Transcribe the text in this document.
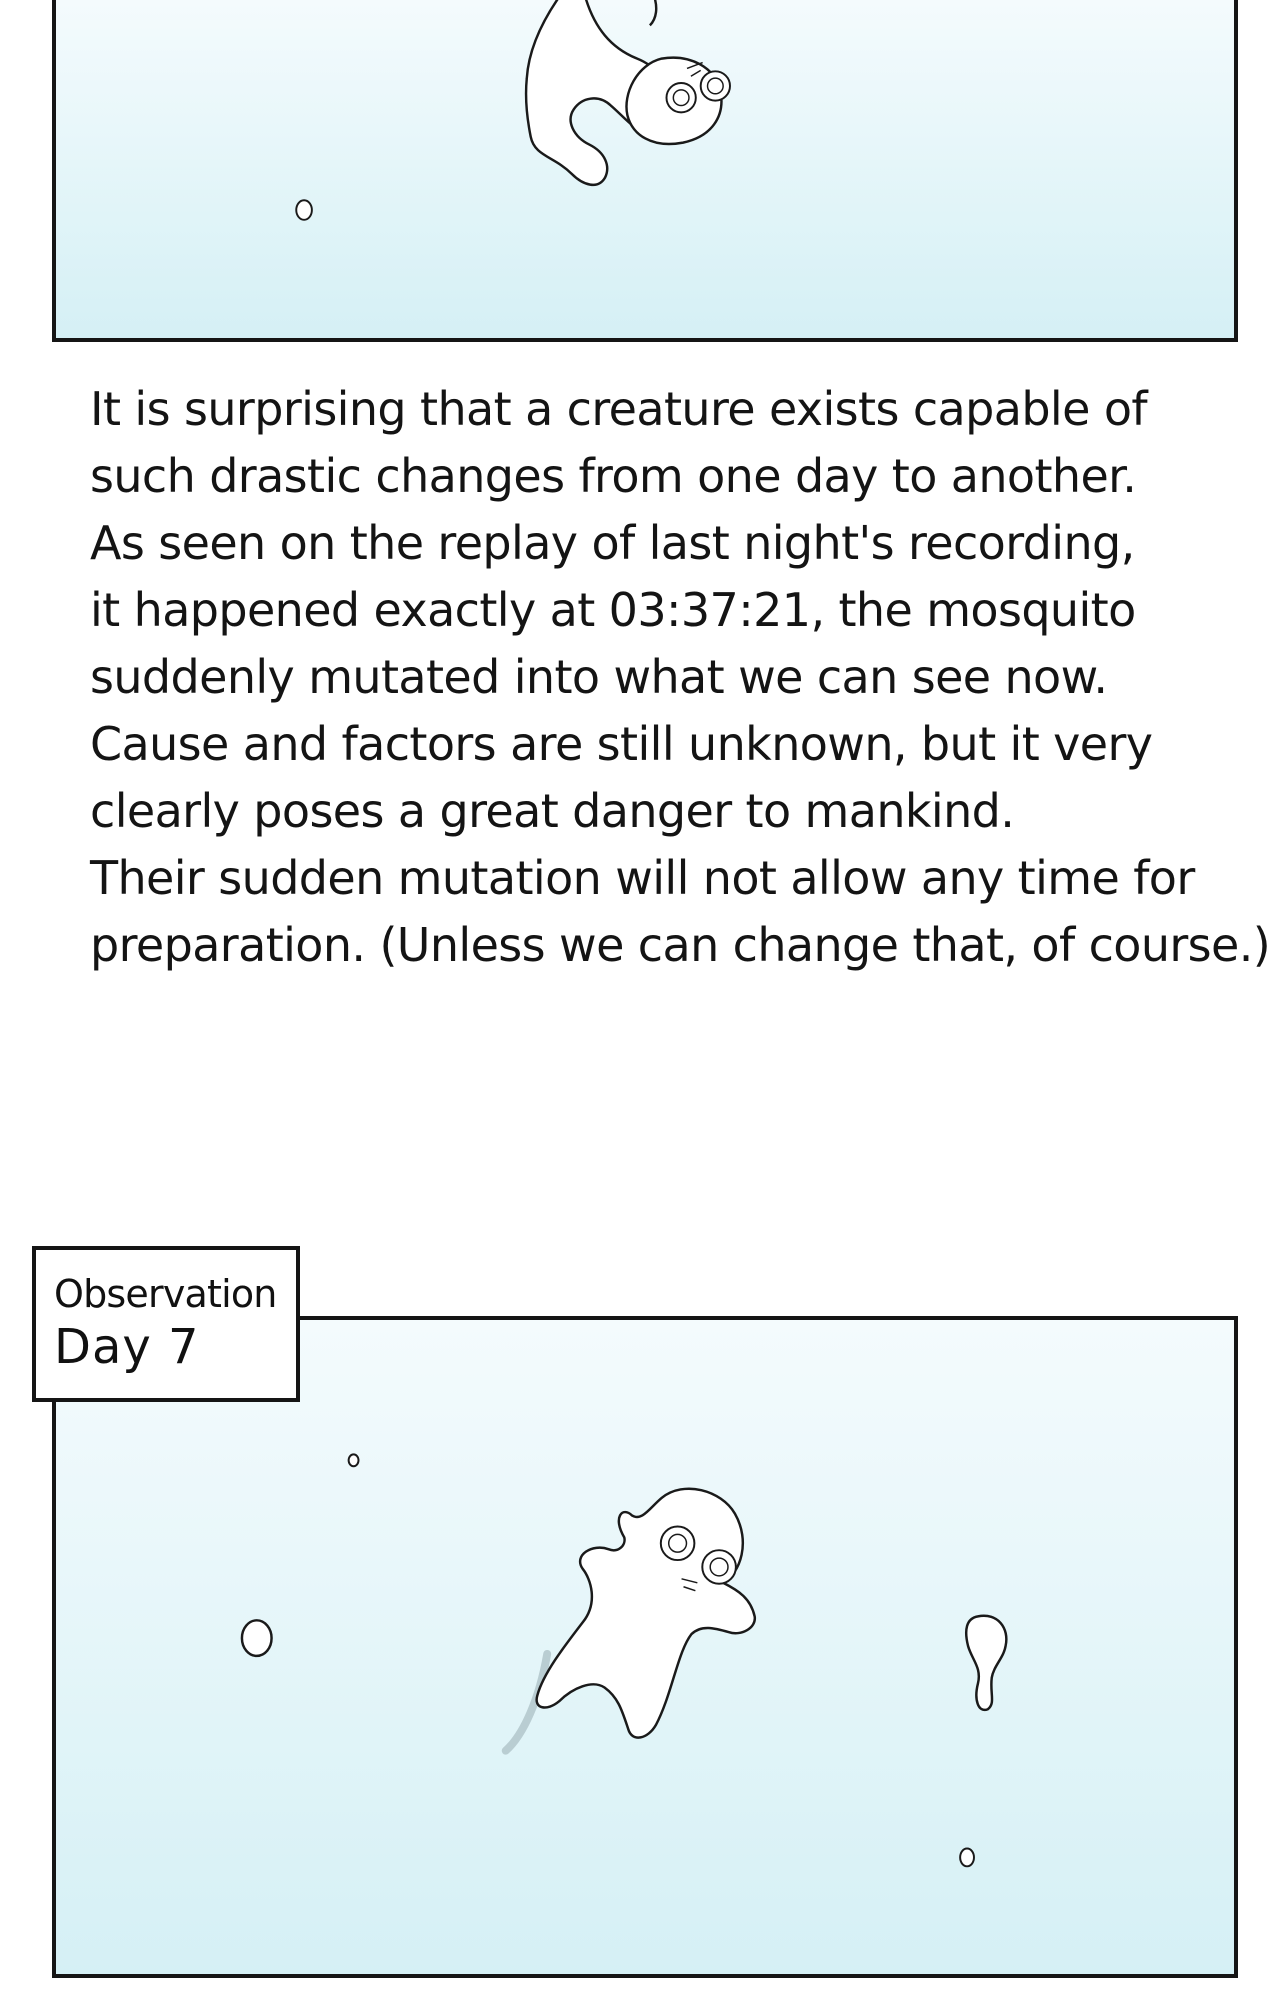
It is surprising that a creature exists capable of
such drastic changes from one day to another.
As seen on the replay of last night's recording,
it happened exactly at 03:37:21, the mosquito
suddenly mutated into what we can see now.
Cause and factors are still unknown, but it very
clearly poses a great danger to mankind.
Their sudden mutation will not allow any time for
preparation. (Unless we can change that, of course.)
Observation
Day 7
